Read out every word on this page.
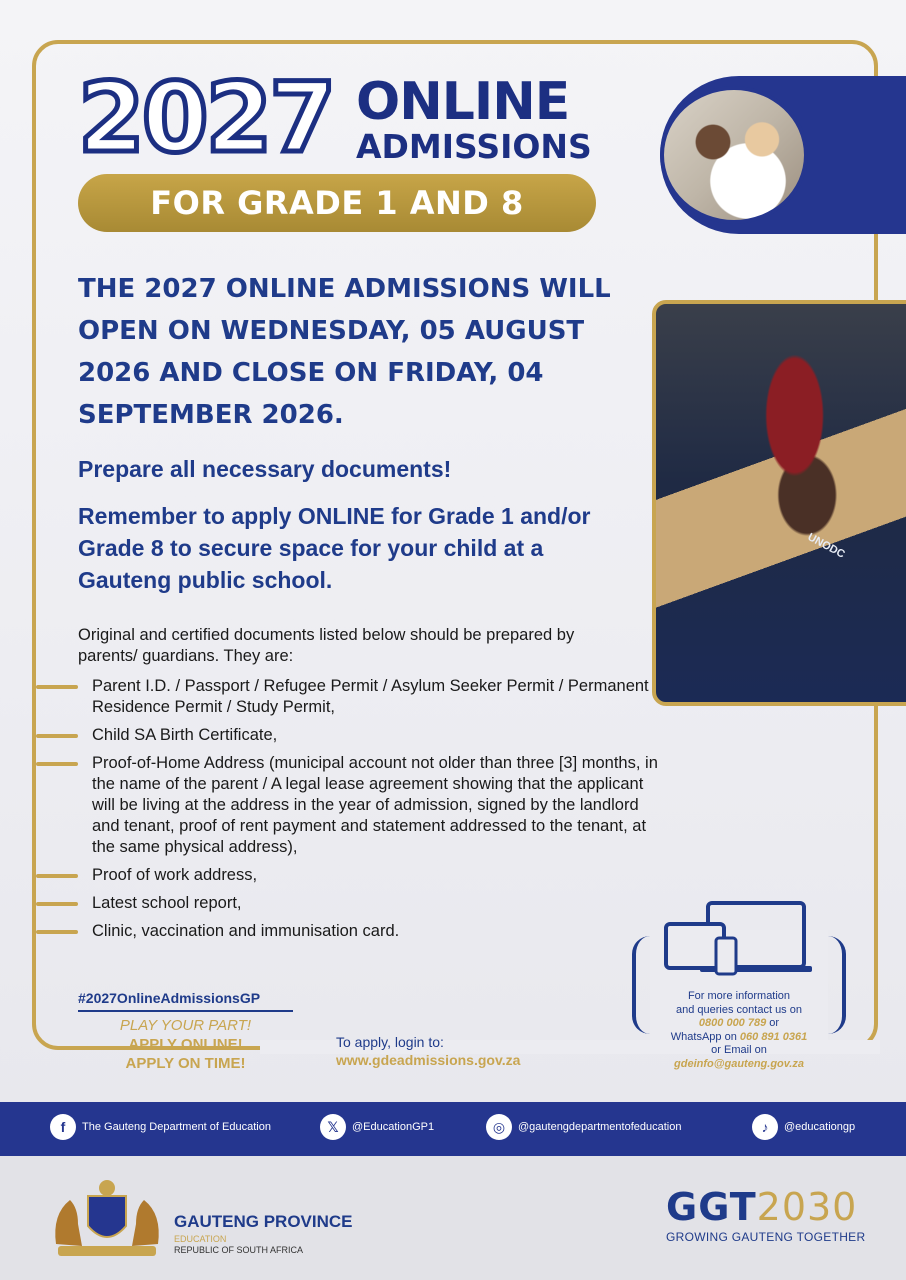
2027 ONLINE
ADMISSIONS
FOR GRADE 1 AND 8
UNODC
THE 2027 ONLINE ADMISSIONS WILL OPEN ON WEDNESDAY, 05 AUGUST 2026 AND CLOSE ON FRIDAY, 04 SEPTEMBER 2026.
Prepare all necessary documents!
Remember to apply ONLINE for Grade 1 and/or Grade 8 to secure space for your child at a Gauteng public school.
Original and certified documents listed below should be prepared by parents/ guardians. They are:
Parent I.D. / Passport / Refugee Permit / Asylum Seeker Permit / Permanent Residence Permit / Study Permit,
Child SA Birth Certificate,
Proof-of-Home Address (municipal account not older than three [3] months, in the name of the parent / A legal lease agreement showing that the applicant will be living at the address in the year of admission, signed by the landlord and tenant, proof of rent payment and statement addressed to the tenant, at the same physical address),
Proof of work address,
Latest school report,
Clinic, vaccination and immunisation card.
#2027OnlineAdmissionsGP
PLAY YOUR PART!
APPLY ONLINE!
APPLY ON TIME!
To apply, login to:
www.gdeadmissions.gov.za
For more information
and queries contact us on
0800 000 789 or
WhatsApp on 060 891 0361
or Email on
gdeinfo@gauteng.gov.za
f	The Gauteng Department of Education	𝕏	@EducationGP1	◎	@gautengdepartmentofeducation	♪	@educationgp
GAUTENG PROVINCE
EDUCATION
REPUBLIC OF SOUTH AFRICA
GGT2030
GROWING GAUTENG TOGETHER
